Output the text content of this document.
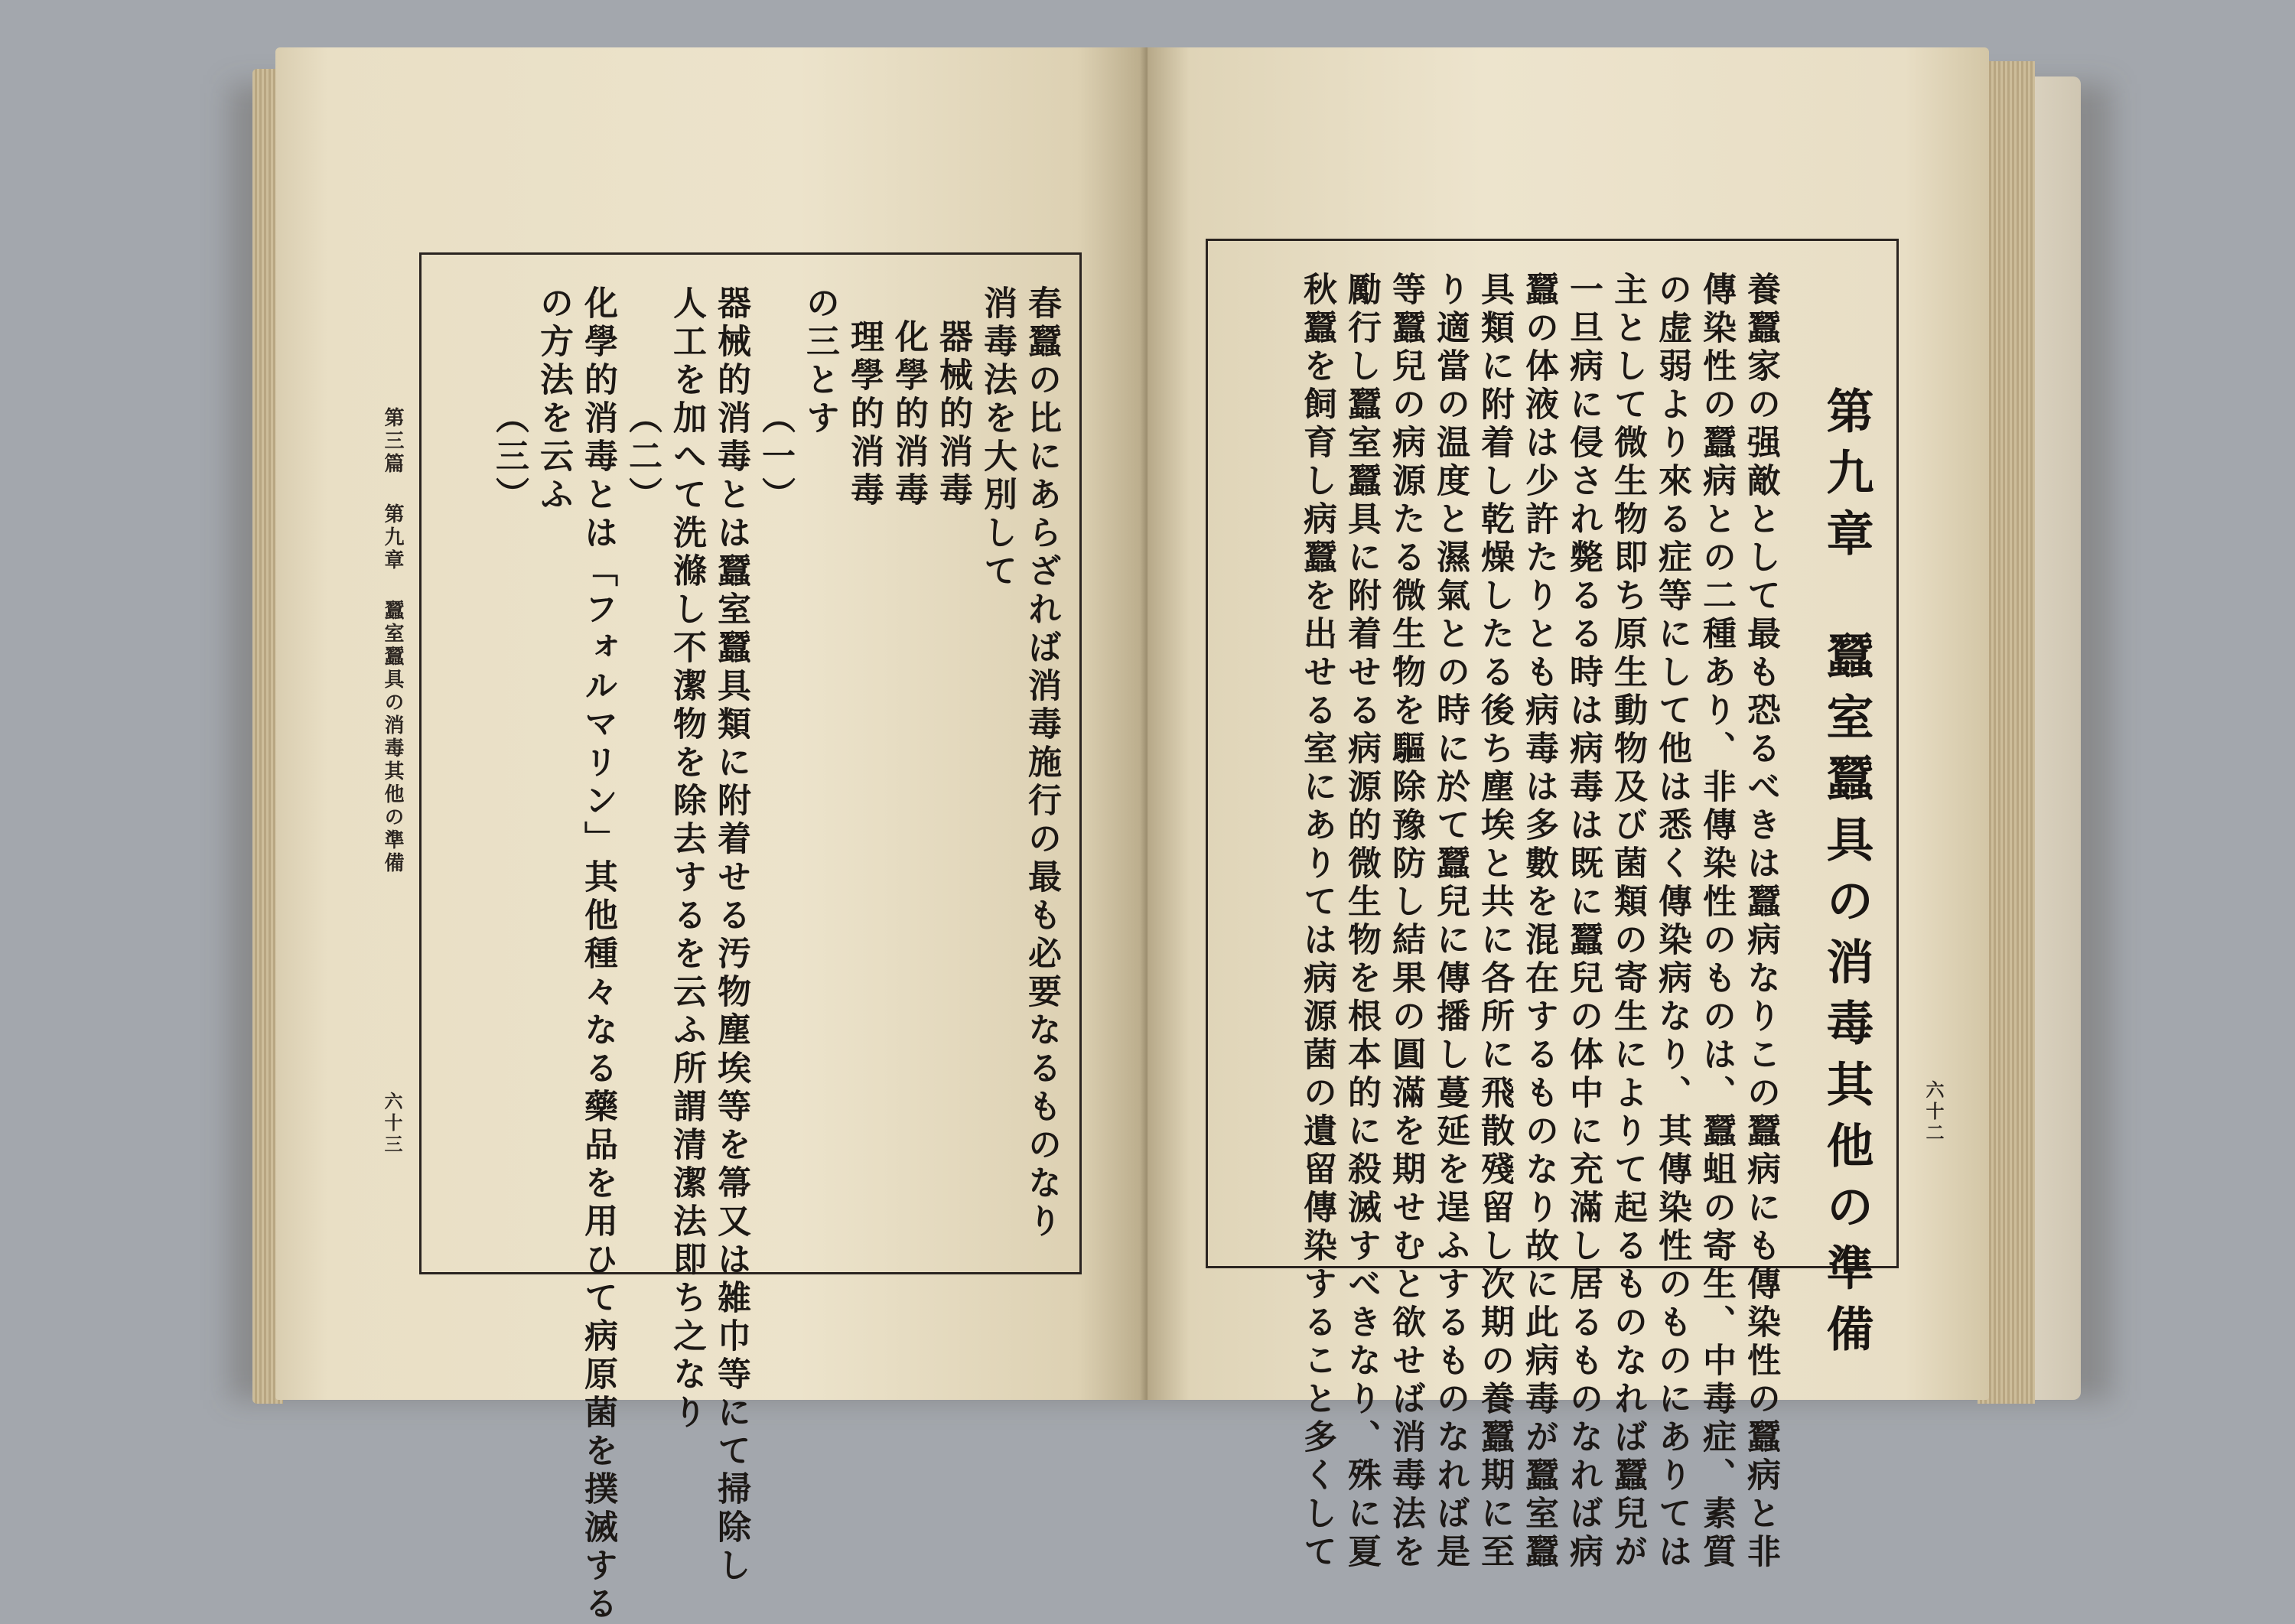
第三篇第九章蠶室蠶具の消毒其他の準備
六十三	春蠶の比にあらざれば消毒施行の最も必要なるものなり
消毒法を大別して
器械的消毒
化學的消毒
理學的消毒
の三とす
（一）
器械的消毒とは蠶室蠶具類に附着せる汚物塵埃等を箒又は雑巾等にて掃除し
人工を加へて洗滌し不潔物を除去するを云ふ所謂清潔法即ち之なり
（二）
化學的消毒とは「フォルマリン」其他種々なる藥品を用ひて病原菌を撲滅する
の方法を云ふ
（三）
六十二
第九章　蠶室蠶具の消毒其他の準備
養蠶家の强敵として最も恐るべきは蠶病なりこの蠶病にも傳染性の蠶病と非
傳染性の蠶病との二種あり、非傳染性のものは、蠶蛆の寄生、中毒症、素質
の虚弱より來る症等にして他は悉く傳染病なり、其傳染性のものにありては
主として微生物即ち原生動物及び菌類の寄生によりて起るものなれば蠶兒が
一旦病に侵され斃るる時は病毒は既に蠶兒の体中に充滿し居るものなれば病
蠶の体液は少許たりとも病毒は多數を混在するものなり故に此病毒が蠶室蠶
具類に附着し乾燥したる後ち塵埃と共に各所に飛散殘留し次期の養蠶期に至
り適當の温度と濕氣との時に於て蠶兒に傳播し蔓延を逞ふするものなれば是
等蠶兒の病源たる微生物を驅除豫防し結果の圓滿を期せむと欲せば消毒法を
勵行し蠶室蠶具に附着せる病源的微生物を根本的に殺滅すべきなり、殊に夏
秋蠶を飼育し病蠶を出せる室にありては病源菌の遺留傳染すること多くして
